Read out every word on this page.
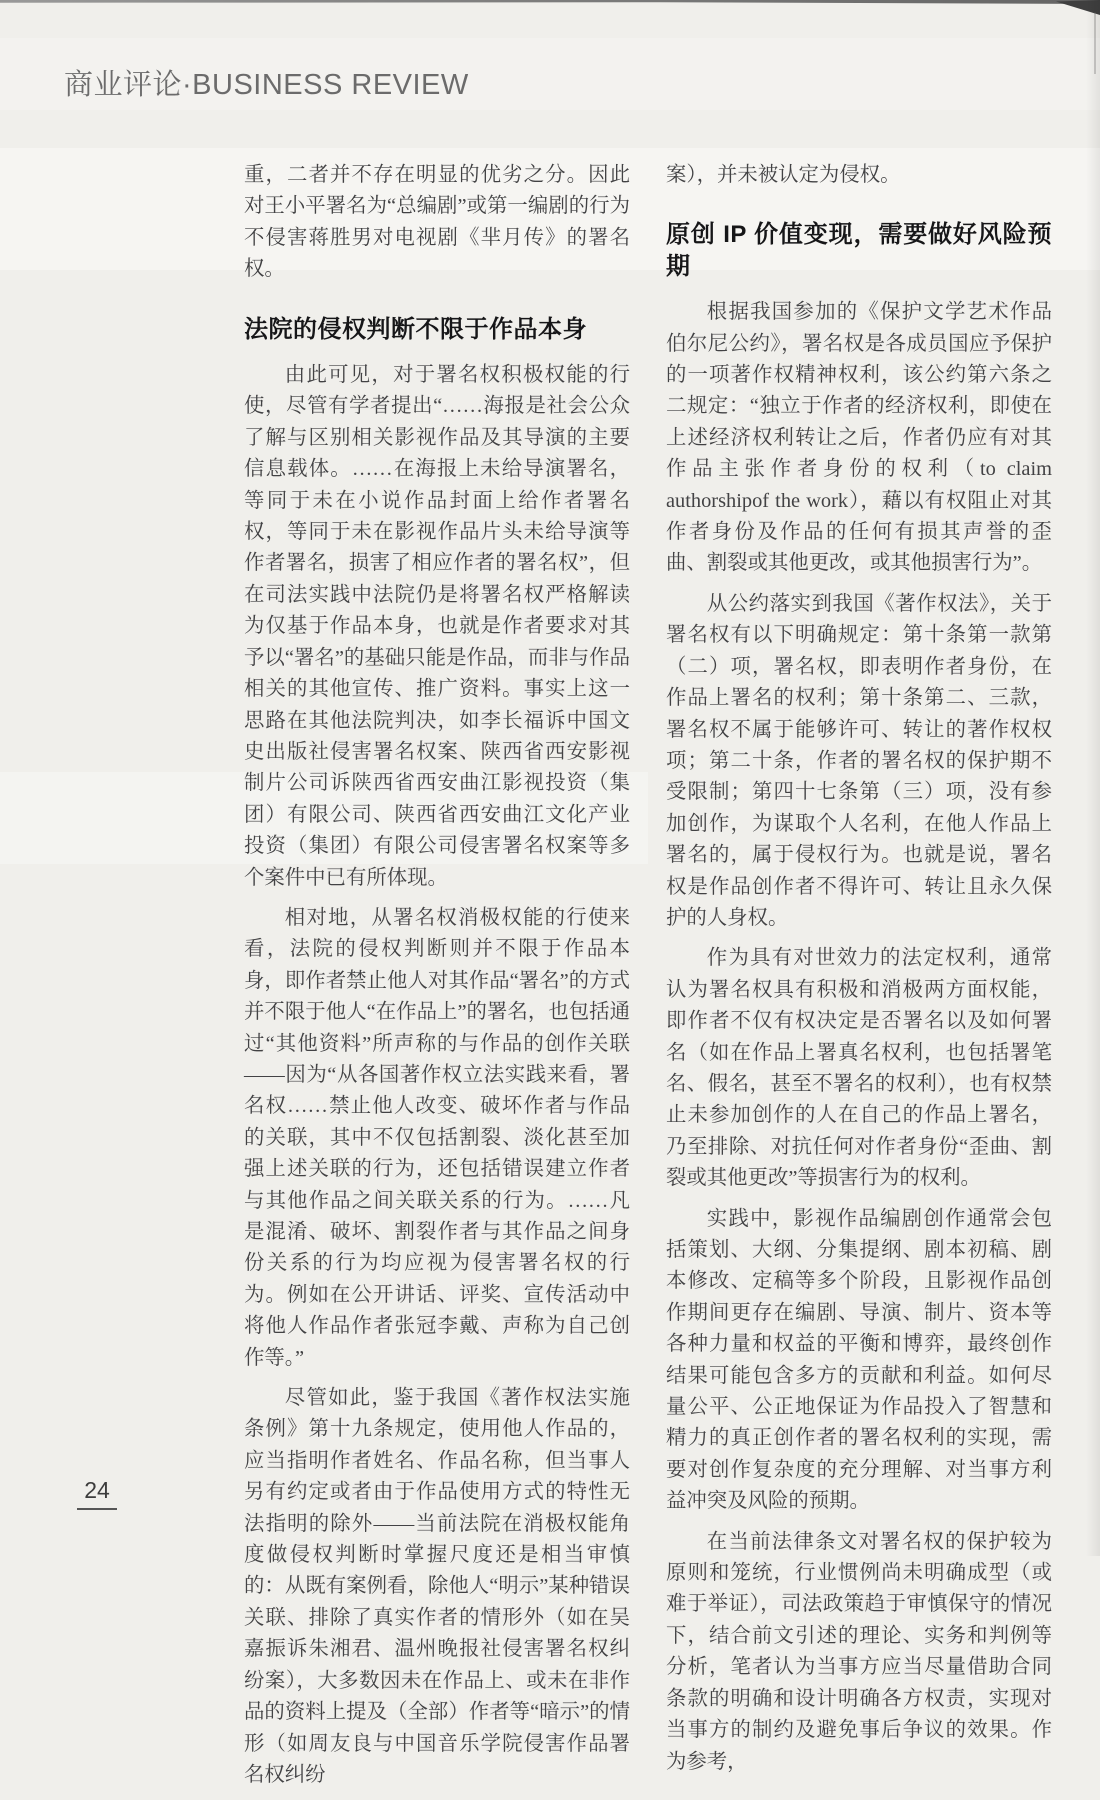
商业评论·BUSINESS REVIEW

重，二者并不存在明显的优劣之分。因此对王小平署名为“总编剧”或第一编剧的行为不侵害蒋胜男对电视剧《芈月传》的署名权。

法院的侵权判断不限于作品本身

由此可见，对于署名权积极权能的行使，尽管有学者提出“……海报是社会公众了解与区别相关影视作品及其导演的主要信息载体。……在海报上未给导演署名，等同于未在小说作品封面上给作者署名权，等同于未在影视作品片头未给导演等作者署名，损害了相应作者的署名权”，但在司法实践中法院仍是将署名权严格解读为仅基于作品本身，也就是作者要求对其予以“署名”的基础只能是作品，而非与作品相关的其他宣传、推广资料。事实上这一思路在其他法院判决，如李长福诉中国文史出版社侵害署名权案、陕西省西安影视制片公司诉陕西省西安曲江影视投资（集团）有限公司、陕西省西安曲江文化产业投资（集团）有限公司侵害署名权案等多个案件中已有所体现。

相对地，从署名权消极权能的行使来看，法院的侵权判断则并不限于作品本身，即作者禁止他人对其作品“署名”的方式并不限于他人“在作品上”的署名，也包括通过“其他资料”所声称的与作品的创作关联——因为“从各国著作权立法实践来看，署名权……禁止他人改变、破坏作者与作品的关联，其中不仅包括割裂、淡化甚至加强上述关联的行为，还包括错误建立作者与其他作品之间关联关系的行为。……凡是混淆、破坏、割裂作者与其作品之间身份关系的行为均应视为侵害署名权的行为。例如在公开讲话、评奖、宣传活动中将他人作品作者张冠李戴、声称为自己创作等。”

尽管如此，鉴于我国《著作权法实施条例》第十九条规定，使用他人作品的，应当指明作者姓名、作品名称，但当事人另有约定或者由于作品使用方式的特性无法指明的除外——当前法院在消极权能角度做侵权判断时掌握尺度还是相当审慎的：从既有案例看，除他人“明示”某种错误关联、排除了真实作者的情形外（如在吴嘉振诉朱湘君、温州晚报社侵害署名权纠纷案），大多数因未在作品上、或未在非作品的资料上提及（全部）作者等“暗示”的情形（如周友良与中国音乐学院侵害作品署名权纠纷

案），并未被认定为侵权。

原创 IP 价值变现，需要做好风险预期

根据我国参加的《保护文学艺术作品伯尔尼公约》，署名权是各成员国应予保护的一项著作权精神权利，该公约第六条之二规定：“独立于作者的经济权利，即使在上述经济权利转让之后，作者仍应有对其作品主张作者身份的权利（to claim authorshipof the work），藉以有权阻止对其作者身份及作品的任何有损其声誉的歪曲、割裂或其他更改，或其他损害行为”。

从公约落实到我国《著作权法》，关于署名权有以下明确规定：第十条第一款第（二）项，署名权，即表明作者身份，在作品上署名的权利；第十条第二、三款，署名权不属于能够许可、转让的著作权权项；第二十条，作者的署名权的保护期不受限制；第四十七条第（三）项，没有参加创作，为谋取个人名利，在他人作品上署名的，属于侵权行为。也就是说，署名权是作品创作者不得许可、转让且永久保护的人身权。

作为具有对世效力的法定权利，通常认为署名权具有积极和消极两方面权能，即作者不仅有权决定是否署名以及如何署名（如在作品上署真名权利，也包括署笔名、假名，甚至不署名的权利），也有权禁止未参加创作的人在自己的作品上署名，乃至排除、对抗任何对作者身份“歪曲、割裂或其他更改”等损害行为的权利。

实践中，影视作品编剧创作通常会包括策划、大纲、分集提纲、剧本初稿、剧本修改、定稿等多个阶段，且影视作品创作期间更存在编剧、导演、制片、资本等各种力量和权益的平衡和博弈，最终创作结果可能包含多方的贡献和利益。如何尽量公平、公正地保证为作品投入了智慧和精力的真正创作者的署名权利的实现，需要对创作复杂度的充分理解、对当事方利益冲突及风险的预期。

在当前法律条文对署名权的保护较为原则和笼统，行业惯例尚未明确成型（或难于举证），司法政策趋于审慎保守的情况下，结合前文引述的理论、实务和判例等分析，笔者认为当事方应当尽量借助合同条款的明确和设计明确各方权责，实现对当事方的制约及避免事后争议的效果。作为参考，

24
